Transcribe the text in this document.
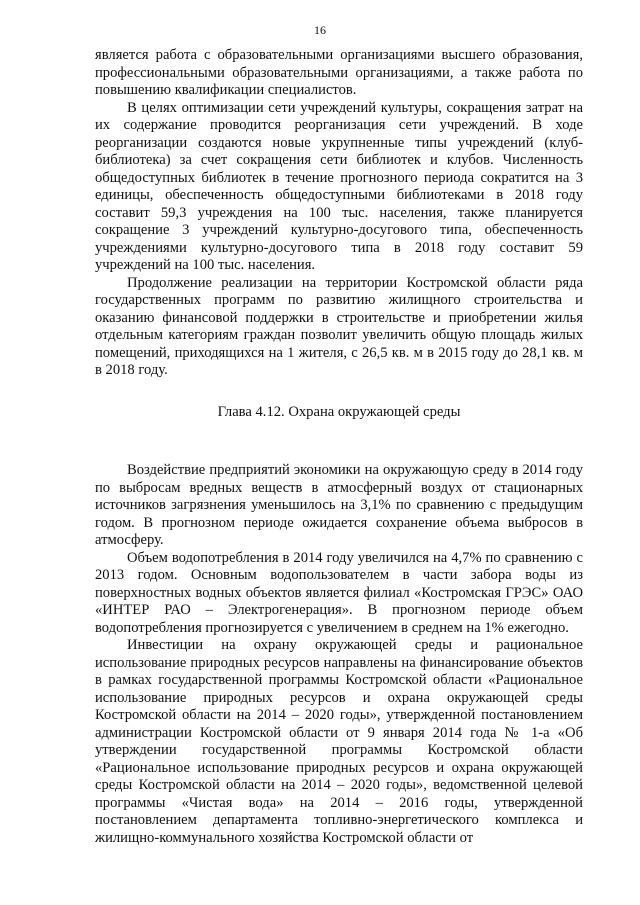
16

является работа с образовательными организациями высшего образования, профессиональными образовательными организациями, а также работа по повышению квалификации специалистов.

В целях оптимизации сети учреждений культуры, сокращения затрат на их содержание проводится реорганизация сети учреждений. В ходе реорганизации создаются новые укрупненные типы учреждений (клуб-библиотека) за счет сокращения сети библиотек и клубов. Численность общедоступных библиотек в течение прогнозного периода сократится на 3 единицы, обеспеченность общедоступными библиотеками в 2018 году составит 59,3 учреждения на 100 тыс. населения, также планируется сокращение 3 учреждений культурно-досугового типа, обеспеченность учреждениями культурно-досугового типа в 2018 году составит 59 учреждений на 100 тыс. населения.

Продолжение реализации на территории Костромской области ряда государственных программ по развитию жилищного строительства и оказанию финансовой поддержки в строительстве и приобретении жилья отдельным категориям граждан позволит увеличить общую площадь жилых помещений, приходящихся на 1 жителя, с 26,5 кв. м в 2015 году до 28,1 кв. м в 2018 году.

Глава 4.12. Охрана окружающей среды

Воздействие предприятий экономики на окружающую среду в 2014 году по выбросам вредных веществ в атмосферный воздух от стационарных источников загрязнения уменьшилось на 3,1% по сравнению с предыдущим годом. В прогнозном периоде ожидается сохранение объема выбросов в атмосферу.

Объем водопотребления в 2014 году увеличился на 4,7% по сравнению с 2013 годом. Основным водопользователем в части забора воды из поверхностных водных объектов является филиал «Костромская ГРЭС» ОАО «ИНТЕР РАО – Электрогенерация». В прогнозном периоде объем водопотребления прогнозируется с увеличением в среднем на 1% ежегодно.

Инвестиции на охрану окружающей среды и рациональное использование природных ресурсов направлены на финансирование объектов в рамках государственной программы Костромской области «Рациональное использование природных ресурсов и охрана окружающей среды Костромской области на 2014 – 2020 годы», утвержденной постановлением администрации Костромской области от 9 января 2014 года № 1-а «Об утверждении государственной программы Костромской области «Рациональное использование природных ресурсов и охрана окружающей среды Костромской области на 2014 – 2020 годы», ведомственной целевой программы «Чистая вода» на 2014 – 2016 годы, утвержденной постановлением департамента топливно-энергетического комплекса и жилищно-коммунального хозяйства Костромской области от
